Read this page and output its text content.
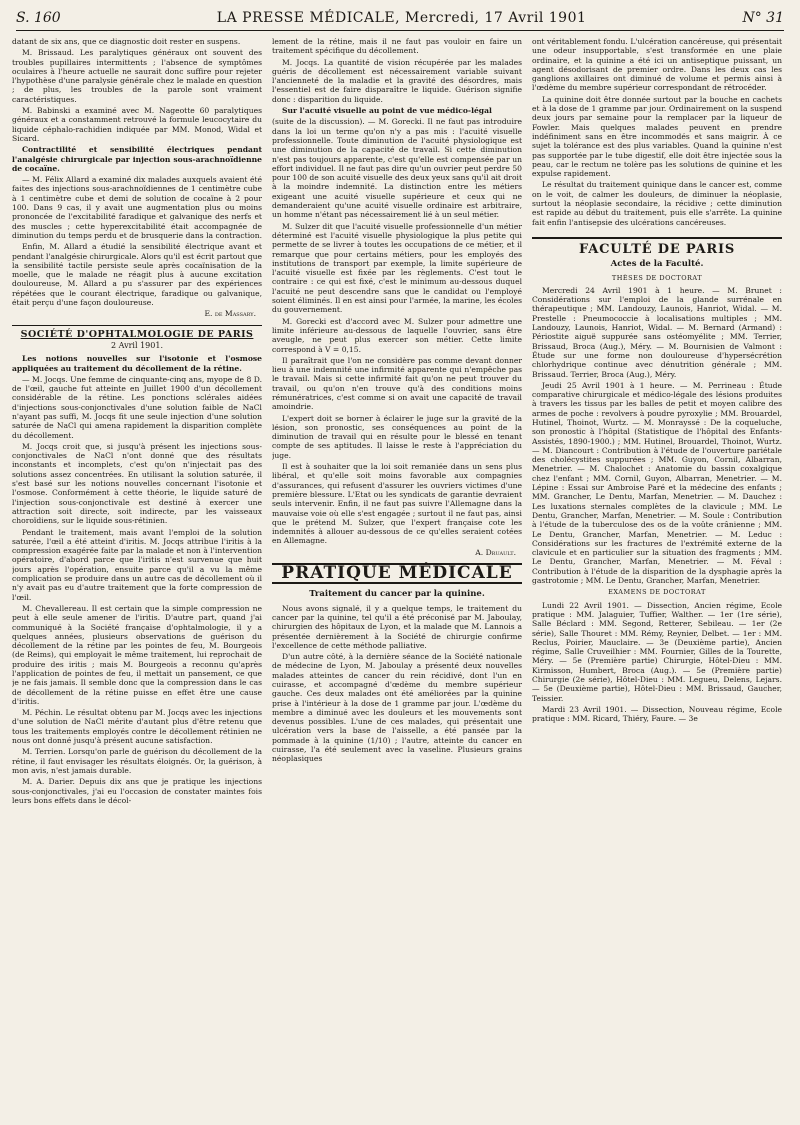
S. 160	LA PRESSE MÉDICALE, Mercredi, 17 Avril 1901	N° 31

datant de six ans, que ce diagnostic doit rester en suspens.

M. Brissaud. Les paralytiques généraux ont souvent des troubles pupillaires intermittents ; l'absence de symptômes oculaires à l'heure actuelle ne saurait donc suffire pour rejeter l'hypothèse d'une paralysie générale chez le malade en question ; de plus, les troubles de la parole sont vraiment caractéristiques.

M. Babinski a examiné avec M. Nageotte 60 paralytiques généraux et a constamment retrouvé la formule leucocytaire du liquide céphalo-rachidien indiquée par MM. Monod, Widal et Sicard.

Contractilité et sensibilité électriques pendant l'analgésie chirurgicale par injection sous-arachnoïdienne de cocaïne.

— M. Félix Allard a examiné dix malades auxquels avaient été faites des injections sous-arachnoïdiennes de 1 centimètre cube à 1 centimètre cube et demi de solution de cocaïne à 2 pour 100. Dans 9 cas, il y avait une augmentation plus ou moins prononcée de l'excitabilité faradique et galvanique des nerfs et des muscles ; cette hyperexcitabilité était accompagnée de diminution du temps perdu et de brusquerie dans la contraction.

Enfin, M. Allard a étudié la sensibilité électrique avant et pendant l'analgésie chirurgicale. Alors qu'il est écrit partout que la sensibilité tactile persiste seule après cocaïnisation de la moelle, que le malade ne réagit plus à aucune excitation douloureuse, M. Allard a pu s'assurer par des expériences répétées que le courant électrique, faradique ou galvanique, était perçu d'une façon douloureuse.

E. de Massary.
SOCIÉTÉ D'OPHTALMOLOGIE DE PARIS
2 Avril 1901.

Les notions nouvelles sur l'isotonie et l'osmose appliquées au traitement du décollement de la rétine.

— M. Jocqs. Une femme de cinquante-cinq ans, myope de 8 D. de l'œil, gauche fut atteinte en Juillet 1900 d'un décollement considérable de la rétine. Les ponctions sclérales aidées d'injections sous-conjonctivales d'une solution faible de NaCl n'ayant pas suffi, M. Jocqs fit une seule injection d'une solution saturée de NaCl qui amena rapidement la disparition complète du décollement.

M. Jocqs croit que, si jusqu'à présent les injections sous-conjonctivales de NaCl n'ont donné que des résultats inconstants et incomplets, c'est qu'on n'injectait pas des solutions assez concentrées. En utilisant la solution saturée, il s'est basé sur les notions nouvelles concernant l'isotonie et l'osmose. Conformément à cette théorie, le liquide saturé de l'injection sous-conjonctivale est destiné à exercer une attraction soit directe, soit indirecte, par les vaisseaux choroïdiens, sur le liquide sous-rétinien.

Pendant le traitement, mais avant l'emploi de la solution saturée, l'œil a été atteint d'iritis. M. Jocqs attribue l'iritis à la compression exagérée faite par la malade et non à l'intervention opératoire, d'abord parce que l'iritis n'est survenue que huit jours après l'opération, ensuite parce qu'il a vu la même complication se produire dans un autre cas de décollement où il n'y avait pas eu d'autre traitement que la forte compression de l'œil.

M. Chevallereau. Il est certain que la simple compression ne peut à elle seule amener de l'iritis. D'autre part, quand j'ai communiqué à la Société française d'ophtalmologie, il y a quelques années, plusieurs observations de guérison du décollement de la rétine par les pointes de feu, M. Bourgeois (de Reims), qui employait le même traitement, lui reprochait de produire des iritis ; mais M. Bourgeois a reconnu qu'après l'application de pointes de feu, il mettait un pansement, ce que je ne fais jamais. Il semble donc que la compression dans le cas de décollement de la rétine puisse en effet être une cause d'iritis.

M. Péchin. Le résultat obtenu par M. Jocqs avec les injections d'une solution de NaCl mérite d'autant plus d'être retenu que tous les traitements employés contre le décollement rétinien ne nous ont donné jusqu'à présent aucune satisfaction.

M. Terrien. Lorsqu'on parle de guérison du décollement de la rétine, il faut envisager les résultats éloignés. Or, la guérison, à mon avis, n'est jamais durable.

M. A. Darier. Depuis dix ans que je pratique les injections sous-conjonctivales, j'ai eu l'occasion de constater maintes fois leurs bons effets dans le décol-

lement de la rétine, mais il ne faut pas vouloir en faire un traitement spécifique du décollement.

M. Jocqs. La quantité de vision récupérée par les malades guéris de décollement est nécessairement variable suivant l'ancienneté de la maladie et la gravité des désordres, mais l'essentiel est de faire disparaître le liquide. Guérison signifie donc : disparition du liquide.

Sur l'acuité visuelle au point de vue médico-légal

(suite de la discussion). — M. Gorecki. Il ne faut pas introduire dans la loi un terme qu'on n'y a pas mis : l'acuité visuelle professionnelle. Toute diminution de l'acuité physiologique est une diminution de la capacité de travail. Si cette diminution n'est pas toujours apparente, c'est qu'elle est compensée par un effort individuel. Il ne faut pas dire qu'un ouvrier peut perdre 50 pour 100 de son acuité visuelle des deux yeux sans qu'il ait droit à la moindre indemnité. La distinction entre les métiers exigeant une acuité visuelle supérieure et ceux qui ne demanderaient qu'une acuité visuelle ordinaire est arbitraire, un homme n'étant pas nécessairement lié à un seul métier.

M. Sulzer dit que l'acuité visuelle professionnelle d'un métier déterminé est l'acuité visuelle physiologique la plus petite qui permette de se livrer à toutes les occupations de ce métier, et il remarque que pour certains métiers, pour les employés des institutions de transport par exemple, la limite supérieure de l'acuité visuelle est fixée par les règlements. C'est tout le contraire : ce qui est fixé, c'est le minimum au-dessous duquel l'acuité ne peut descendre sans que le candidat ou l'employé soient éliminés. Il en est ainsi pour l'armée, la marine, les écoles du gouvernement.

M. Gorecki est d'accord avec M. Sulzer pour admettre une limite inférieure au-dessous de laquelle l'ouvrier, sans être aveugle, ne peut plus exercer son métier. Cette limite correspond à V = 0,15.

Il paraîtrait que l'on ne considère pas comme devant donner lieu à une indemnité une infirmité apparente qui n'empêche pas le travail. Mais si cette infirmité fait qu'on ne peut trouver du travail, ou qu'on n'en trouve qu'à des conditions moins rémunératrices, c'est comme si on avait une capacité de travail amoindrie.

L'expert doit se borner à éclairer le juge sur la gravité de la lésion, son pronostic, ses conséquences au point de la diminution de travail qui en résulte pour le blessé en tenant compte de ses aptitudes. Il laisse le reste à l'appréciation du juge.

Il est à souhaiter que la loi soit remaniée dans un sens plus libéral, et qu'elle soit moins favorable aux compagnies d'assurances, qui refusent d'assurer les ouvriers victimes d'une première blessure. L'Etat ou les syndicats de garantie devraient seuls intervenir. Enfin, il ne faut pas suivre l'Allemagne dans la mauvaise voie où elle s'est engagée ; surtout il ne faut pas, ainsi que le prétend M. Sulzer, que l'expert française cote les indemnités à allouer au-dessous de ce qu'elles seraient cotées en Allemagne.

A. Druault.
PRATIQUE MÉDICALE
Traitement du cancer par la quinine.

Nous avons signalé, il y a quelque temps, le traitement du cancer par la quinine, tel qu'il a été préconisé par M. Jaboulay, chirurgien des hôpitaux de Lyon, et la malade que M. Lannois a présentée dernièrement à la Société de chirurgie confirme l'excellence de cette méthode palliative.

D'un autre côté, à la dernière séance de la Société nationale de médecine de Lyon, M. Jaboulay a présenté deux nouvelles malades atteintes de cancer du rein récidivé, dont l'un en cuirasse, et accompagné d'œdème du membre supérieur gauche. Ces deux malades ont été améliorées par la quinine prise à l'intérieur à la dose de 1 gramme par jour. L'œdème du membre a diminué avec les douleurs et les mouvements sont devenus possibles. L'une de ces malades, qui présentait une ulcération vers la base de l'aisselle, a été pansée par la pommade à la quinine (1/10) ; l'autre, atteinte du cancer en cuirasse, l'a été seulement avec la vaseline. Plusieurs grains néoplasiques

ont véritablement fondu. L'ulcération cancéreuse, qui présentait une odeur insupportable, s'est transformée en une plaie ordinaire, et la quinine a été ici un antiseptique puissant, un agent désodorisant de premier ordre. Dans les deux cas les ganglions axillaires ont diminué de volume et permis ainsi à l'œdème du membre supérieur correspondant de rétrocéder.

La quinine doit être donnée surtout par la bouche en cachets et à la dose de 1 gramme par jour. Ordinairement on la suspend deux jours par semaine pour la remplacer par la liqueur de Fowler. Mais quelques malades peuvent en prendre indéfiniment sans en être incommodés et sans maigrir. À ce sujet la tolérance est des plus variables. Quand la quinine n'est pas supportée par le tube digestif, elle doit être injectée sous la peau, car le rectum ne tolère pas les solutions de quinine et les expulse rapidement.

Le résultat du traitement quinique dans le cancer est, comme on le voit, de calmer les douleurs, de diminuer la néoplasie, surtout la néoplasie secondaire, la récidive ; cette diminution est rapide au début du traitement, puis elle s'arrête. La quinine fait enfin l'antisepsie des ulcérations cancéreuses.

FACULTÉ DE PARIS
Actes de la Faculté.
THÈSES DE DOCTORAT

Mercredi 24 Avril 1901 à 1 heure. — M. Brunet : Considérations sur l'emploi de la glande surrénale en thérapeutique ; MM. Landouzy, Launois, Hanriot, Widal. — M. Prestelle : Pneumococcie à localisations multiples ; MM. Landouzy, Launois, Hanriot, Widal. — M. Bernard (Armand) : Périostite aiguë suppurée sans ostéomyélite ; MM. Terrier, Brissaud, Broca (Aug.), Méry. — M. Bournisien de Valmont : Étude sur une forme non douloureuse d'hypersécrétion chlorhydrique continue avec dénutrition générale ; MM. Brissaud. Terrier, Broca (Aug.), Méry.

Jeudi 25 Avril 1901 à 1 heure. — M. Perrineau : Étude comparative chirurgicale et médico-légale des lésions produites à travers les tissus par les balles de petit et moyen calibre des armes de poche : revolvers à poudre pyroxylie ; MM. Brouardel, Hutinel, Thoinot, Wurtz. — M. Monrayssé : De la coqueluche, son pronostic à l'hôpital (Statistique de l'hôpital des Enfants-Assistés, 1890-1900.) ; MM. Hutinel, Brouardel, Thoinot, Wurtz. — M. Diancourt : Contribution à l'étude de l'ouverture pariétale des cholécystites suppurées ; MM. Guyon, Cornil, Albarran, Menetrier. — M. Chalochet : Anatomie du bassin coxalgique chez l'enfant ; MM. Cornil, Guyon, Albarran, Menetrier. — M. Lépine : Essai sur Ambroise Paré et la médecine des enfants ; MM. Grancher, Le Dentu, Marfan, Menetrier. — M. Dauchez : Les luxations sternales complètes de la clavicule ; MM. Le Dentu, Grancher, Marfan, Menetrier. — M. Soule : Contribution à l'étude de la tuberculose des os de la voûte crânienne ; MM. Le Dentu, Grancher, Marfan, Menetrier. — M. Leduc : Considérations sur les fractures de l'extrémité externe de la clavicule et en particulier sur la situation des fragments ; MM. Le Dentu, Grancher, Marfan, Menetrier. — M. Féval : Contribution à l'étude de la disparition de la dysphagie après la gastrotomie ; MM. Le Dentu, Grancher, Marfan, Menetrier.

EXAMENS DE DOCTORAT

Lundi 22 Avril 1901. — Dissection, Ancien régime, Ecole pratique : MM. Jalaguier, Tuffier, Walther. — 1er (1re série), Salle Béclard : MM. Segond, Retterer, Sebileau. — 1er (2e série), Salle Thouret : MM. Rémy, Reynier, Delbet. — 1er : MM. Reclus, Poirier, Mauclaire. — 3e (Deuxième partie), Ancien régime, Salle Cruveilhier : MM. Fournier, Gilles de la Tourette, Méry. — 5e (Première partie) Chirurgie, Hôtel-Dieu : MM. Kirmisson, Humbert, Broca (Aug.). — 5e (Première partie) Chirurgie (2e série), Hôtel-Dieu : MM. Legueu, Delens, Lejars. — 5e (Deuxième partie), Hôtel-Dieu : MM. Brissaud, Gaucher, Teissier.

Mardi 23 Avril 1901. — Dissection, Nouveau régime, Ecole pratique : MM. Ricard, Thiéry, Faure. — 3e
